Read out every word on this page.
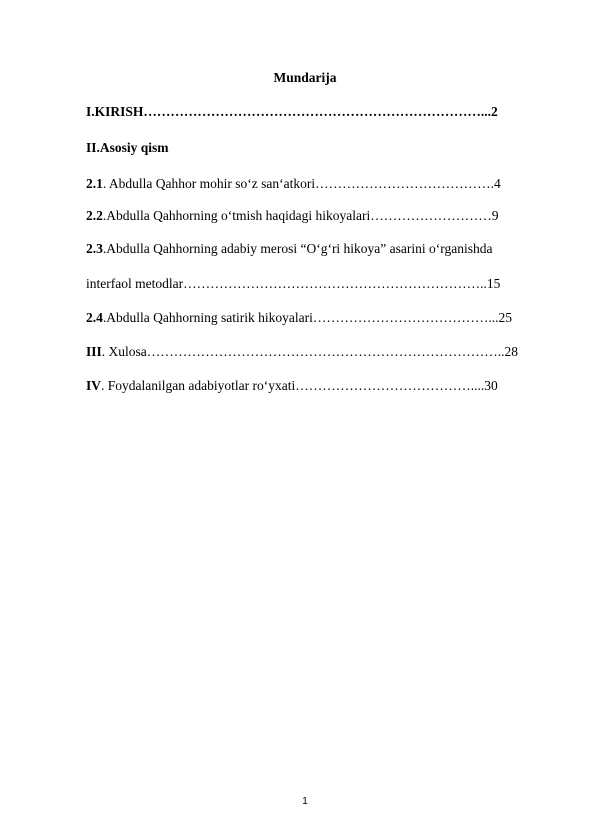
Mundarija
I.KIRISH…………………………………………………………………...2
II.Asosiy qism
2.1. Abdulla Qahhor mohir so‘z san‘atkori………………………………….4
2.2.Abdulla Qahhorning o‘tmish haqidagi hikoyalari………………………9
2.3.Abdulla Qahhorning adabiy merosi “O‘g‘ri hikoya” asarini o‘rganishda
interfaol metodlar…………………………………………………………..15
2.4.Abdulla Qahhorning satirik hikoyalari…………………………………...25
III. Xulosa……………………………………………………………………..28
IV. Foydalanilgan adabiyotlar ro‘yxati…………………………………....30
1
